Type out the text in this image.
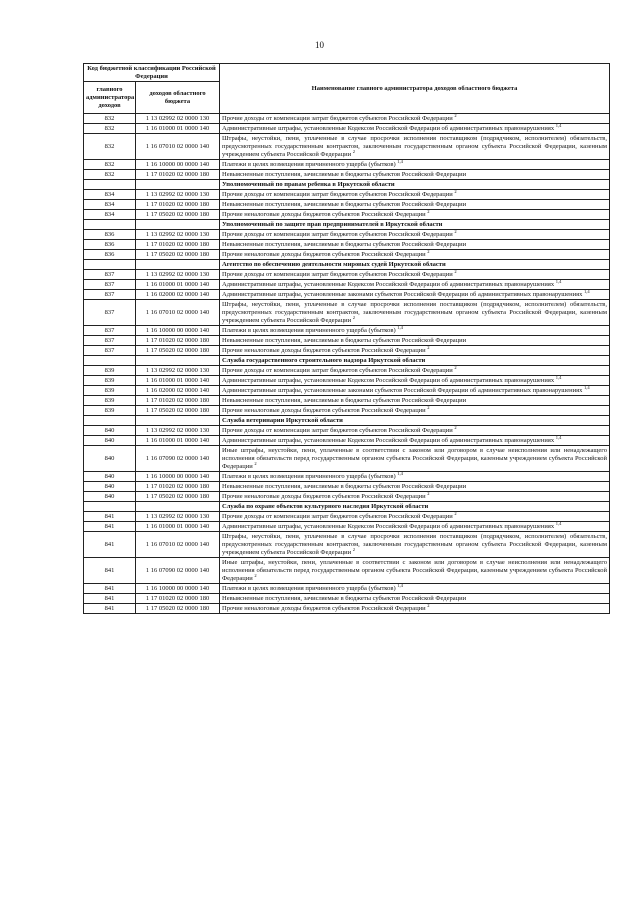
10
Код бюджетной классификации Российской Федерации		Наименование главного администратора доходов областного бюджета
главного администратора доходов	доходов областного бюджета	
832	1 13 02992 02 0000 130	Прочие доходы от компенсации затрат бюджетов субъектов Российской Федерации $^2$
832	1 16 01000 01 0000 140	Административные штрафы, установленные Кодексом Российской Федерации об административных правонарушениях $^{1,4}$
832	1 16 07010 02 0000 140	Штрафы, неустойки, пени, уплаченные в случае просрочки исполнения поставщиком (подрядчиком, исполнителем) обязательств, предусмотренных государственным контрактом, заключенным государственным органом субъекта Российской Федерации, казенным учреждением субъекта Российской Федерации $^2$
832	1 16 10000 00 0000 140	Платежи в целях возмещения причиненного ущерба (убытков) $^{1,4}$
832	1 17 01020 02 0000 180	Невыясненные поступления, зачисляемые в бюджеты субъектов Российской Федерации
		Уполномоченный по правам ребенка в Иркутской области
834	1 13 02992 02 0000 130	Прочие доходы от компенсации затрат бюджетов субъектов Российской Федерации $^2$
834	1 17 01020 02 0000 180	Невыясненные поступления, зачисляемые в бюджеты субъектов Российской Федерации
834	1 17 05020 02 0000 180	Прочие неналоговые доходы бюджетов субъектов Российской Федерации $^2$
		Уполномоченный по защите прав предпринимателей в Иркутской области
836	1 13 02992 02 0000 130	Прочие доходы от компенсации затрат бюджетов субъектов Российской Федерации $^2$
836	1 17 01020 02 0000 180	Невыясненные поступления, зачисляемые в бюджеты субъектов Российской Федерации
836	1 17 05020 02 0000 180	Прочие неналоговые доходы бюджетов субъектов Российской Федерации $^2$
		Агентство по обеспечению деятельности мировых судей Иркутской области
837	1 13 02992 02 0000 130	Прочие доходы от компенсации затрат бюджетов субъектов Российской Федерации $^2$
837	1 16 01000 01 0000 140	Административные штрафы, установленные Кодексом Российской Федерации об административных правонарушениях $^{1,4}$
837	1 16 02000 02 0000 140	Административные штрафы, установленные законами субъектов Российской Федерации об административных правонарушениях $^{1,4}$
837	1 16 07010 02 0000 140	Штрафы, неустойки, пени, уплаченные в случае просрочки исполнения поставщиком (подрядчиком, исполнителем) обязательств, предусмотренных государственным контрактом, заключенным государственным органом субъекта Российской Федерации, казенным учреждением субъекта Российской Федерации $^2$
837	1 16 10000 00 0000 140	Платежи в целях возмещения причиненного ущерба (убытков) $^{1,4}$
837	1 17 01020 02 0000 180	Невыясненные поступления, зачисляемые в бюджеты субъектов Российской Федерации
837	1 17 05020 02 0000 180	Прочие неналоговые доходы бюджетов субъектов Российской Федерации $^2$
		Служба государственного строительного надзора Иркутской области
839	1 13 02992 02 0000 130	Прочие доходы от компенсации затрат бюджетов субъектов Российской Федерации $^2$
839	1 16 01000 01 0000 140	Административные штрафы, установленные Кодексом Российской Федерации об административных правонарушениях $^{1,4}$
839	1 16 02000 02 0000 140	Административные штрафы, установленные законами субъектов Российской Федерации об административных правонарушениях $^{1,4}$
839	1 17 01020 02 0000 180	Невыясненные поступления, зачисляемые в бюджеты субъектов Российской Федерации
839	1 17 05020 02 0000 180	Прочие неналоговые доходы бюджетов субъектов Российской Федерации $^2$
		Служба ветеринарии Иркутской области
840	1 13 02992 02 0000 130	Прочие доходы от компенсации затрат бюджетов субъектов Российской Федерации $^2$
840	1 16 01000 01 0000 140	Административные штрафы, установленные Кодексом Российской Федерации об административных правонарушениях $^{1,4}$
840	1 16 07090 02 0000 140	Иные штрафы, неустойки, пени, уплаченные в соответствии с законом или договором в случае неисполнения или ненадлежащего исполнения обязательств перед государственным органом субъекта Российской Федерации, казенным учреждением субъекта Российской Федерации $^2$
840	1 16 10000 00 0000 140	Платежи в целях возмещения причиненного ущерба (убытков) $^{1,4}$
840	1 17 01020 02 0000 180	Невыясненные поступления, зачисляемые в бюджеты субъектов Российской Федерации
840	1 17 05020 02 0000 180	Прочие неналоговые доходы бюджетов субъектов Российской Федерации $^2$
		Служба по охране объектов культурного наследия Иркутской области
841	1 13 02992 02 0000 130	Прочие доходы от компенсации затрат бюджетов субъектов Российской Федерации $^2$
841	1 16 01000 01 0000 140	Административные штрафы, установленные Кодексом Российской Федерации об административных правонарушениях $^{1,4}$
841	1 16 07010 02 0000 140	Штрафы, неустойки, пени, уплаченные в случае просрочки исполнения поставщиком (подрядчиком, исполнителем) обязательств, предусмотренных государственным контрактом, заключенным государственным органом субъекта Российской Федерации, казенным учреждением субъекта Российской Федерации $^2$
841	1 16 07090 02 0000 140	Иные штрафы, неустойки, пени, уплаченные в соответствии с законом или договором в случае неисполнения или ненадлежащего исполнения обязательств перед государственным органом субъекта Российской Федерации, казенным учреждением субъекта Российской Федерации $^2$
841	1 16 10000 00 0000 140	Платежи в целях возмещения причиненного ущерба (убытков) $^{1,4}$
841	1 17 01020 02 0000 180	Невыясненные поступления, зачисляемые в бюджеты субъектов Российской Федерации
841	1 17 05020 02 0000 180	Прочие неналоговые доходы бюджетов субъектов Российской Федерации $^2$
